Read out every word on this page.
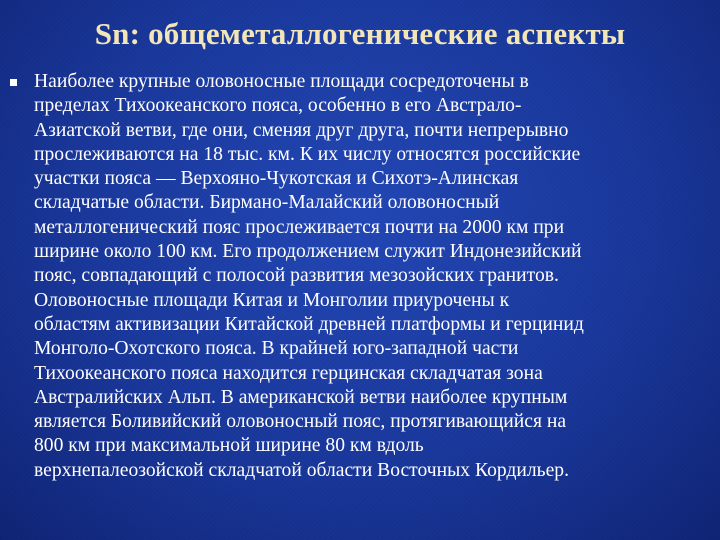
Sn: общеметаллогенические аспекты
Наиболее крупные оловоносные площади сосредоточены в
пределах Тихоокеанского пояса, особенно в его Австрало-
Азиатской ветви, где они, сменяя друг друга, почти непрерывно
прослеживаются на 18 тыс. км. К их числу относятся российские
участки пояса — Верхояно-Чукотская и Сихотэ-Алинская
складчатые области. Бирмано-Малайский оловоносный
металлогенический пояс прослеживается почти на 2000 км при
ширине около 100 км. Его продолжением служит Индонезийский
пояс, совпадающий с полосой развития мезозойских гранитов.
Оловоносные площади Китая и Монголии приурочены к
областям активизации Китайской древней платформы и герцинид
Монголо-Охотского пояса. В крайней юго-западной части
Тихоокеанского пояса находится герцинская складчатая зона
Австралийских Альп. В американской ветви наиболее крупным
является Боливийский оловоносный пояс, протягивающийся на
800 км при максимальной ширине 80 км вдоль
верхнепалеозойской складчатой области Восточных Кордильер.
